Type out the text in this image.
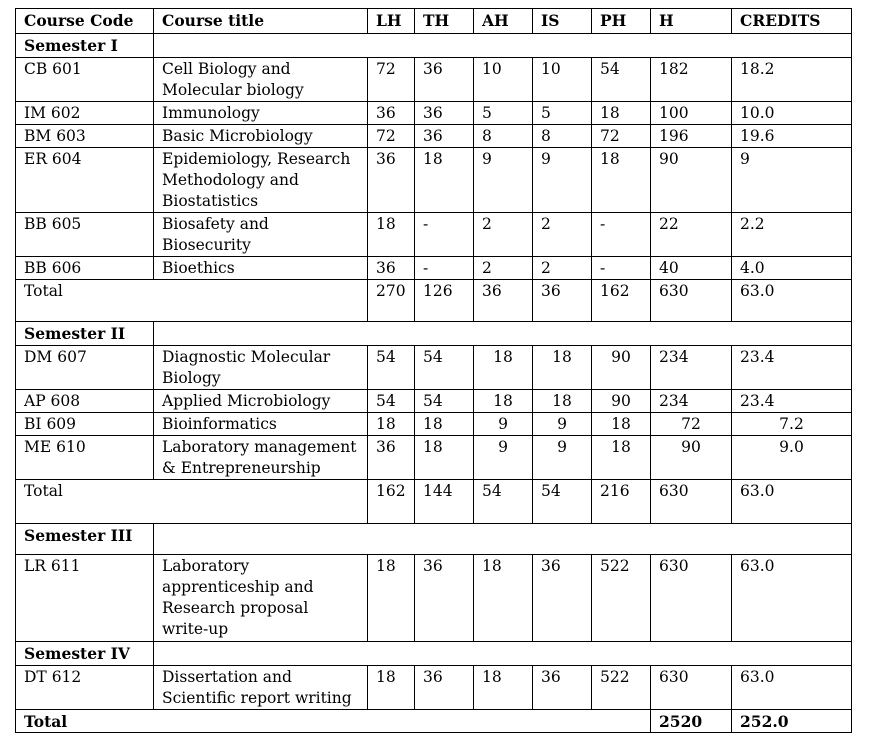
Course Code	Course title	LH	TH	AH	IS	PH	H	CREDITS
Semester I								
CB 601	Cell Biology and
Molecular biology	72	36	10	10	54	182	18.2
IM 602	Immunology	36	36	5	5	18	100	10.0
BM 603	Basic Microbiology	72	36	8	8	72	196	19.6
ER 604	Epidemiology, Research
Methodology and
Biostatistics	36	18	9	9	18	90	9
BB 605	Biosafety and
Biosecurity	18	-	2	2	-	22	2.2
BB 606	Bioethics	36	-	2	2	-	40	4.0
Total		270	126	36	36	162	630	63.0
Semester II								
DM 607	Diagnostic Molecular
Biology	54	54	18	18	90	234	23.4
AP 608	Applied Microbiology	54	54	18	18	90	234	23.4
BI 609	Bioinformatics	18	18	9	9	18	72	7.2
ME 610	Laboratory management
& Entrepreneurship	36	18	9	9	18	90	9.0
Total		162	144	54	54	216	630	63.0
Semester III								
LR 611	Laboratory
apprenticeship and
Research proposal
write-up	18	36	18	36	522	630	63.0
Semester IV								
DT 612	Dissertation and
Scientific report writing	18	36	18	36	522	630	63.0
Total							2520	252.0
